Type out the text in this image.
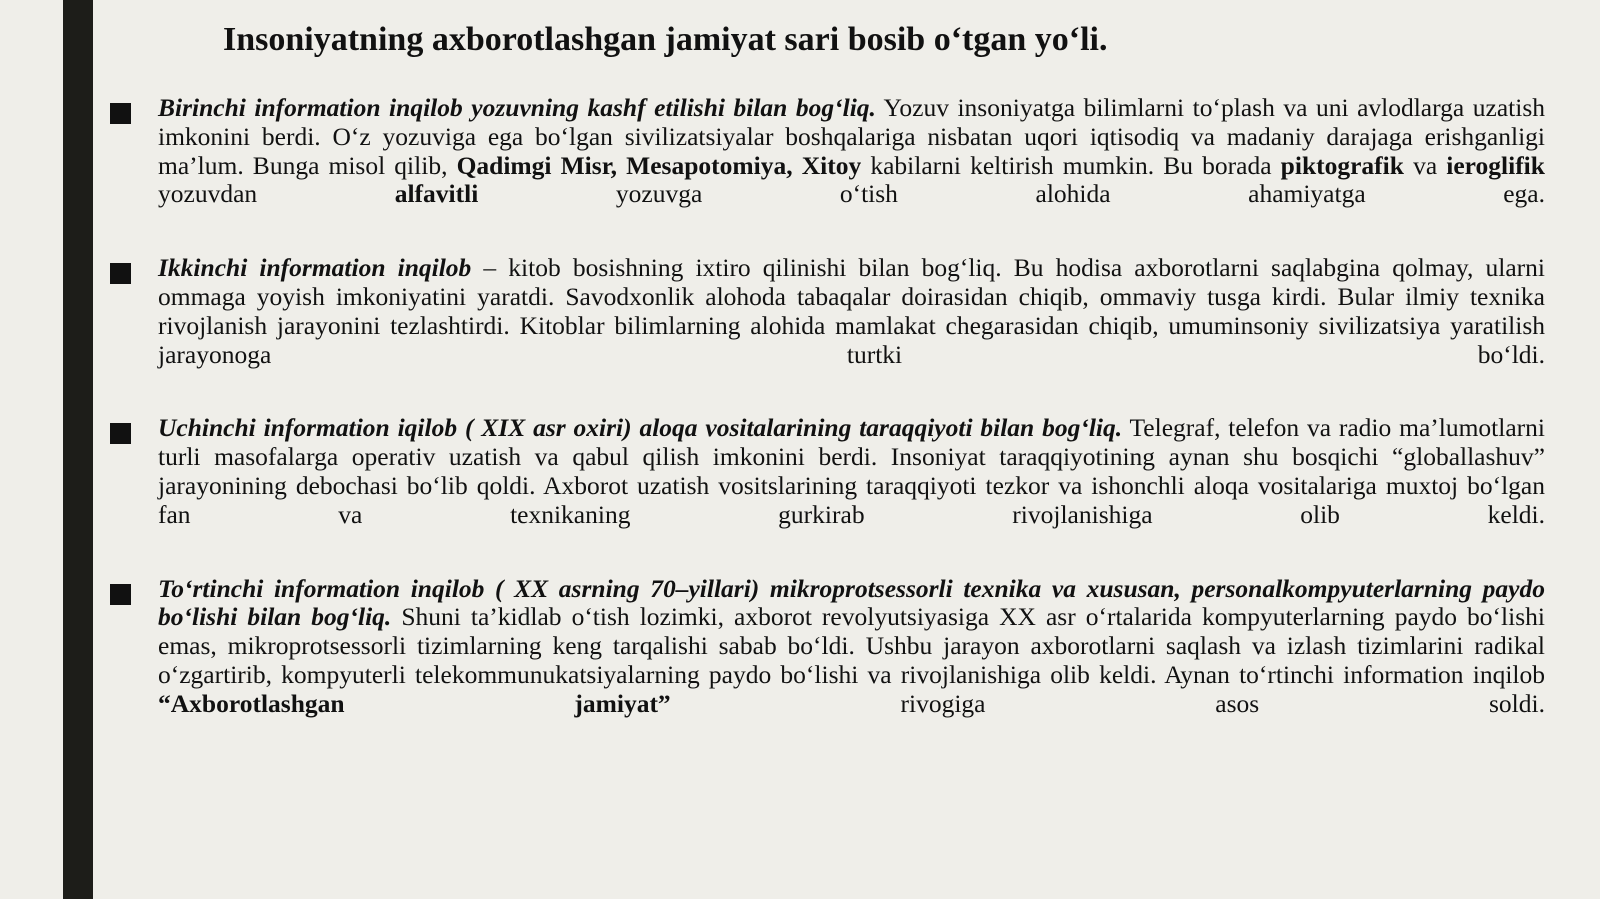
Insoniyatning axborotlashgan jamiyat sari bosib o‘tgan yo‘li.
Birinchi information inqilob yozuvning kashf etilishi bilan bog‘liq. Yozuv insoniyatga bilimlarni to‘plash va uni avlodlarga uzatish imkonini berdi. O‘z yozuviga ega bo‘lgan sivilizatsiyalar boshqalariga nisbatan uqori iqtisodiq va madaniy darajaga erishganligi ma’lum. Bunga misol qilib, Qadimgi Misr, Mesapotomiya, Xitoy kabilarni keltirish mumkin. Bu borada piktografik va ieroglifik yozuvdan alfavitli yozuvga o‘tish alohida ahamiyatga ega.
Ikkinchi information inqilob – kitob bosishning ixtiro qilinishi bilan bog‘liq. Bu hodisa axborotlarni saqlabgina qolmay, ularni ommaga yoyish imkoniyatini yaratdi. Savodxonlik alohoda tabaqalar doirasidan chiqib, ommaviy tusga kirdi. Bular ilmiy texnika rivojlanish jarayonini tezlashtirdi. Kitoblar bilimlarning alohida mamlakat chegarasidan chiqib, umuminsoniy sivilizatsiya yaratilish jarayonoga turtki bo‘ldi.
Uchinchi information iqilob ( XIX asr oxiri) aloqa vositalarining taraqqiyoti bilan bog‘liq. Telegraf, telefon va radio ma’lumotlarni turli masofalarga operativ uzatish va qabul qilish imkonini berdi. Insoniyat taraqqiyotining aynan shu bosqichi “globallashuv” jarayonining debochasi bo‘lib qoldi. Axborot uzatish vositslarining taraqqiyoti tezkor va ishonchli aloqa vositalariga muxtoj bo‘lgan fan va texnikaning gurkirab rivojlanishiga olib keldi.
To‘rtinchi information inqilob ( XX asrning 70–yillari) mikroprotsessorli texnika va xususan, personalkompyuterlarning paydo bo‘lishi bilan bog‘liq. Shuni ta’kidlab o‘tish lozimki, axborot revolyutsiyasiga XX asr o‘rtalarida kompyuterlarning paydo bo‘lishi emas, mikroprotsessorli tizimlarning keng tarqalishi sabab bo‘ldi. Ushbu jarayon axborotlarni saqlash va izlash tizimlarini radikal o‘zgartirib, kompyuterli telekommunukatsiyalarning paydo bo‘lishi va rivojlanishiga olib keldi. Aynan to‘rtinchi information inqilob “Axborotlashgan jamiyat” rivogiga asos soldi.
